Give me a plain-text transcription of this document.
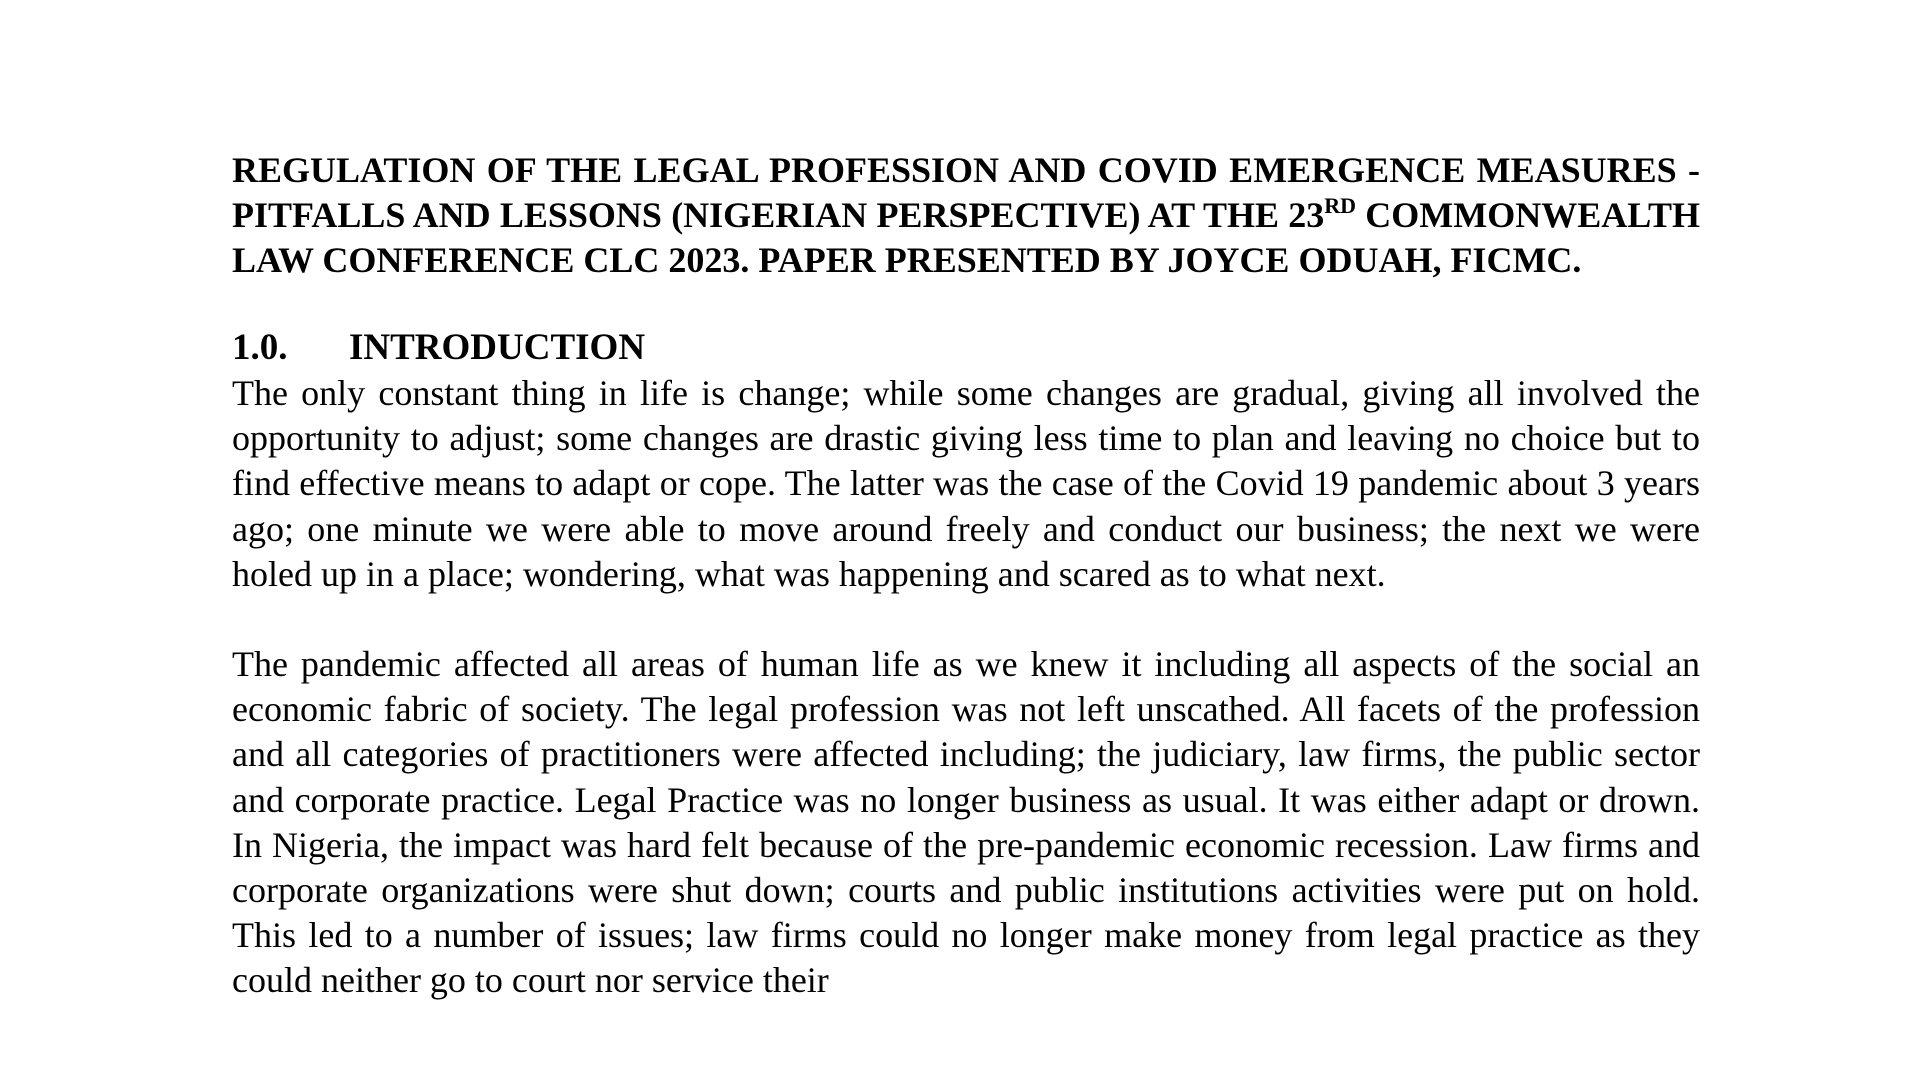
REGULATION OF THE LEGAL PROFESSION AND COVID EMERGENCE MEASURES -PITFALLS AND LESSONS (NIGERIAN PERSPECTIVE) AT THE 23RD COMMONWEALTH LAW CONFERENCE CLC 2023. PAPER PRESENTED BY JOYCE ODUAH, FICMC.
1.0.	INTRODUCTION

The only constant thing in life is change; while some changes are gradual, giving all involved the opportunity to adjust; some changes are drastic giving less time to plan and leaving no choice but to find effective means to adapt or cope. The latter was the case of the Covid 19 pandemic about 3 years ago; one minute we were able to move around freely and conduct our business; the next we were holed up in a place; wondering, what was happening and scared as to what next.

The pandemic affected all areas of human life as we knew it including all aspects of the social an economic fabric of society. The legal profession was not left unscathed. All facets of the profession and all categories of practitioners were affected including; the judiciary, law firms, the public sector and corporate practice. Legal Practice was no longer business as usual. It was either adapt or drown. In Nigeria, the impact was hard felt because of the pre-pandemic economic recession. Law firms and corporate organizations were shut down; courts and public institutions activities were put on hold. This led to a number of issues; law firms could no longer make money from legal practice as they could neither go to court nor service their
